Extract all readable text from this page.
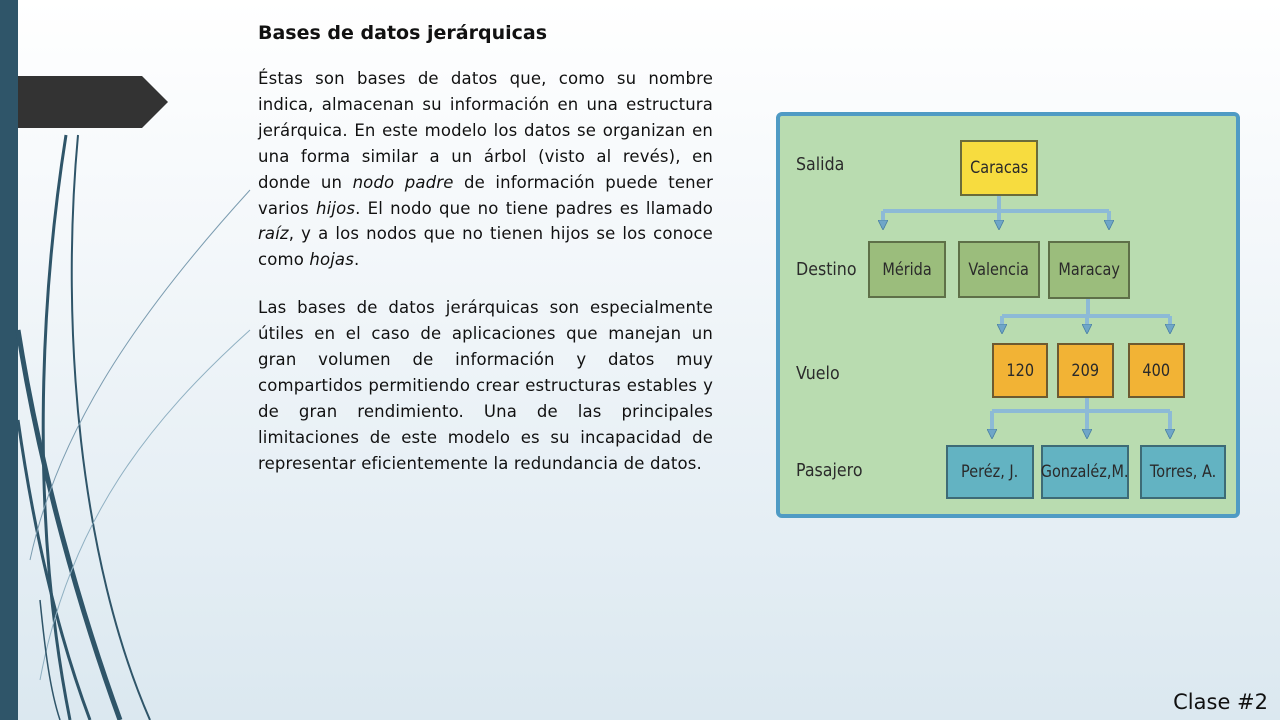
Bases de datos jerárquicas

Éstas son bases de datos que, como su nombre indica, almacenan su información en una estructura jerárquica. En este modelo los datos se organizan en una forma similar a un árbol (visto al revés), en donde un nodo padre de información puede tener varios hijos. El nodo que no tiene padres es llamado raíz, y a los nodos que no tienen hijos se los conoce como hojas.

Las bases de datos jerárquicas son especialmente útiles en el caso de aplicaciones que manejan un gran volumen de información y datos muy compartidos permitiendo crear estructuras estables y de gran rendimiento. Una de las principales limitaciones de este modelo es su incapacidad de representar eficientemente la redundancia de datos.

Salida
Destino
Vuelo
Pasajero
Caracas
Mérida Valencia Maracay
120 209	400
Peréz, J. Gonzaléz,M. Torres, A.
Clase #2
